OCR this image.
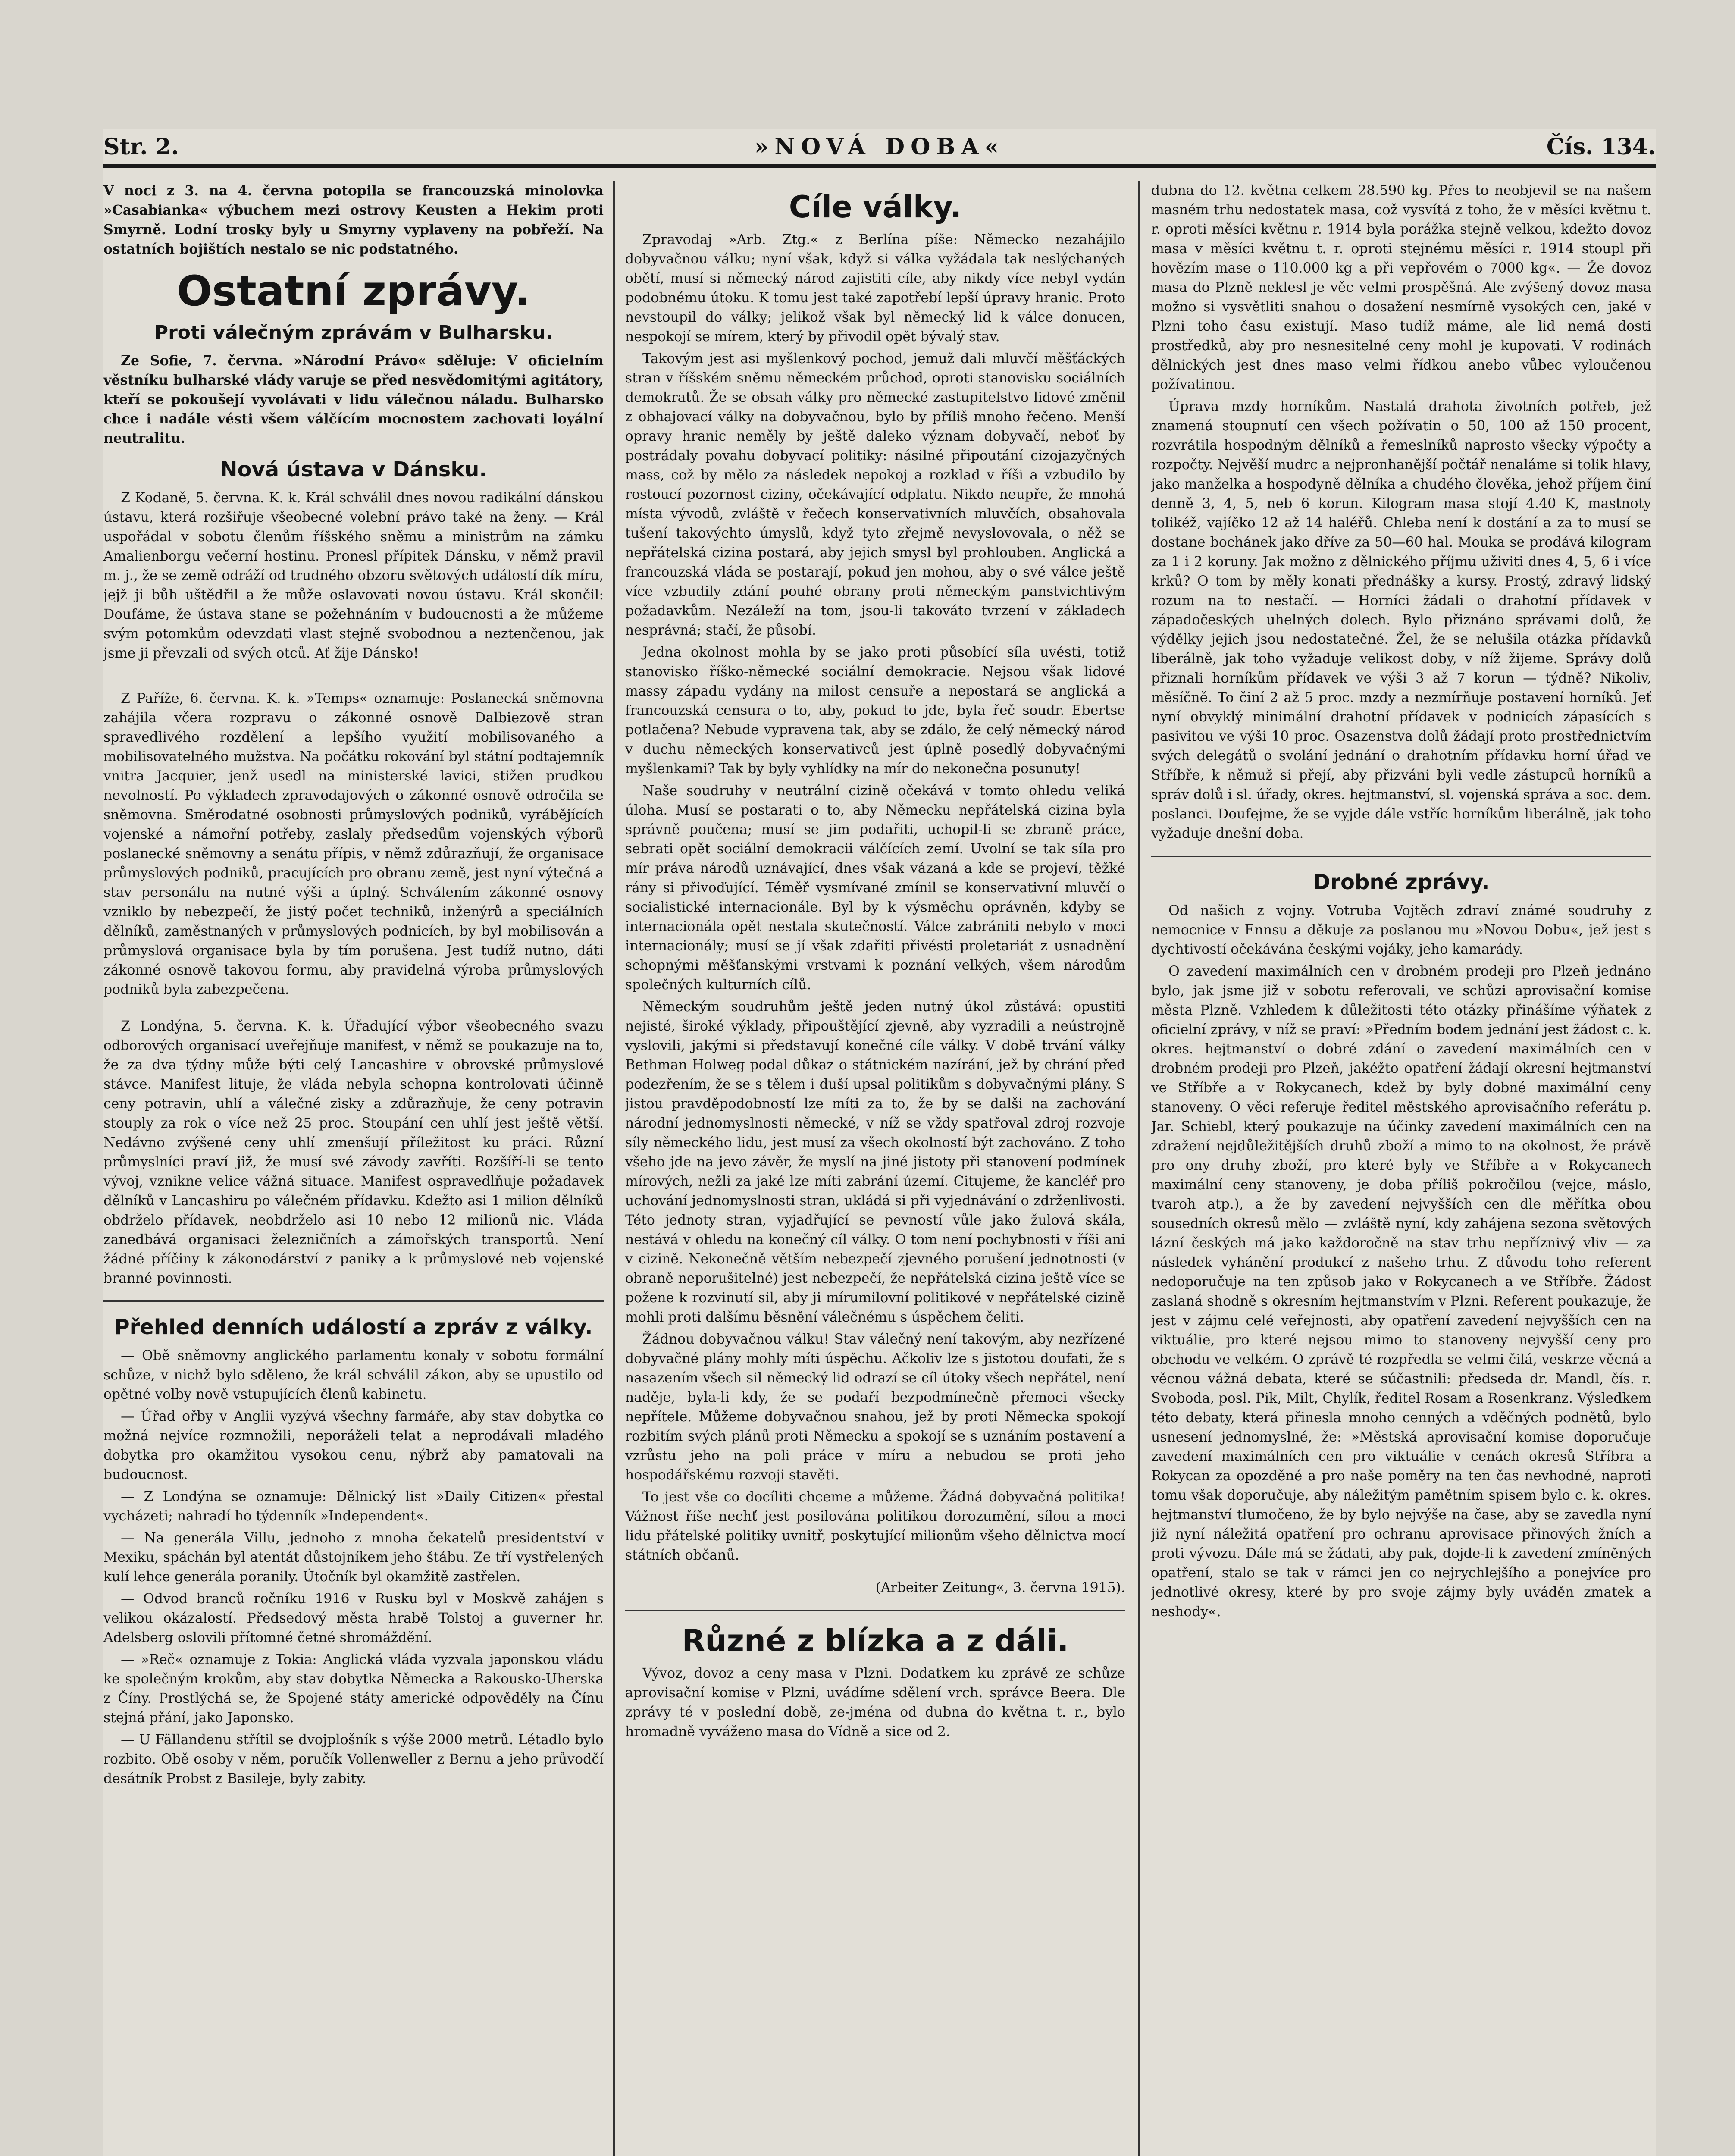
Str. 2.	»NOVÁ DOBA«	Čís. 134.

V noci z 3. na 4. června potopila se francouzská minolovka »Casabianka« výbuchem mezi ostrovy Keusten a Hekim proti Smyrně. Lodní trosky byly u Smyrny vyplaveny na pobřeží. Na ostatních bojištích nestalo se nic podstatného.

Ostatní zprávy.
Proti válečným zprávám v Bulharsku.

Ze Sofie, 7. června. »Národní Právo« sděluje: V oficielním věstníku bulharské vlády varuje se před nesvědomitými agitátory, kteří se pokoušejí vyvolávati v lidu válečnou náladu. Bulharsko chce i nadále vésti všem válčícím mocnostem zachovati loyální neutralitu.

Nová ústava v Dánsku.

Z Kodaně, 5. června. K. k. Král schválil dnes novou radikální dánskou ústavu, která rozšiřuje všeobecné volební právo také na ženy. — Král uspořádal v sobotu členům říšského sněmu a ministrům na zámku Amalienborgu večerní hostinu. Pronesl přípitek Dánsku, v němž pravil m. j., že se země odráží od trudného obzoru světových událostí dík míru, jejž ji bůh uštědřil a že může oslavovati novou ústavu. Král skončil: Doufáme, že ústava stane se požehnáním v budoucnosti a že můžeme svým potomkům odevzdati vlast stejně svobodnou a neztenčenou, jak jsme ji převzali od svých otců. Ať žije Dánsko!

Z Paříže, 6. června. K. k. »Temps« oznamuje: Poslanecká sněmovna zahájila včera rozpravu o zákonné osnově Dalbiezově stran spravedlivého rozdělení a lepšího využití mobilisovaného a mobilisovatelného mužstva. Na počátku rokování byl státní podtajemník vnitra Jacquier, jenž usedl na ministerské lavici, stižen prudkou nevolností. Po výkladech zpravodajových o zákonné osnově odročila se sněmovna. Směrodatné osobnosti průmyslových podniků, vyrábějících vojenské a námořní potřeby, zaslaly předsedům vojenských výborů poslanecké sněmovny a senátu přípis, v němž zdůrazňují, že organisace průmyslových podniků, pracujících pro obranu země, jest nyní výtečná a stav personálu na nutné výši a úplný. Schválením zákonné osnovy vzniklo by nebezpečí, že jistý počet techniků, inženýrů a speciálních dělníků, zaměstnaných v průmyslových podnicích, by byl mobilisován a průmyslová organisace byla by tím porušena. Jest tudíž nutno, dáti zákonné osnově takovou formu, aby pravidelná výroba průmyslových podniků byla zabezpečena.

Z Londýna, 5. června. K. k. Úřadující výbor všeobecného svazu odborových organisací uveřejňuje manifest, v němž se poukazuje na to, že za dva týdny může býti celý Lancashire v obrovské průmyslové stávce. Manifest lituje, že vláda nebyla schopna kontrolovati účinně ceny potravin, uhlí a válečné zisky a zdůrazňuje, že ceny potravin stouply za rok o více než 25 proc. Stoupání cen uhlí jest ještě větší. Nedávno zvýšené ceny uhlí zmenšují příležitost ku práci. Různí průmyslníci praví již, že musí své závody zavříti. Rozšíří-li se tento vývoj, vznikne velice vážná situace. Manifest ospravedlňuje požadavek dělníků v Lancashiru po válečném přídavku. Kdežto asi 1 milion dělníků obdrželo přídavek, neobdrželo asi 10 nebo 12 milionů nic. Vláda zanedbává organisaci železničních a zámořských transportů. Není žádné příčiny k zákonodárství z paniky a k průmyslové neb vojenské branné povinnosti.

Přehled denních událostí a zpráv z války.

— Obě sněmovny anglického parlamentu konaly v sobotu formální schůze, v nichž bylo sděleno, že král schválil zákon, aby se upustilo od opětné volby nově vstupujících členů kabinetu.

— Úřad ořby v Anglii vyzývá všechny farmáře, aby stav dobytka co možná nejvíce rozmnožili, neporáželi telat a neprodávali mladého dobytka pro okamžitou vysokou cenu, nýbrž aby pamatovali na budoucnost.

— Z Londýna se oznamuje: Dělnický list »Daily Citizen« přestal vycházeti; nahradí ho týdenník »Independent«.

— Na generála Villu, jednoho z mnoha čekatelů presidentství v Mexiku, spáchán byl atentát důstojníkem jeho štábu. Ze tří vystřelených kulí lehce generála poranily. Útočník byl okamžitě zastřelen.

— Odvod branců ročníku 1916 v Rusku byl v Moskvě zahájen s velikou okázalostí. Předsedový města hrabě Tolstoj a guverner hr. Adelsberg oslovili přítomné četné shromáždění.

— »Reč« oznamuje z Tokia: Anglická vláda vyzvala japonskou vládu ke společným krokům, aby stav dobytka Německa a Rakousko-Uherska z Číny. Prostlýchá se, že Spojené státy americké odpověděly na Čínu stejná přání, jako Japonsko.

— U Fällandenu střítil se dvojplošník s výše 2000 metrů. Létadlo bylo rozbito. Obě osoby v něm, poručík Vollenweller z Bernu a jeho průvodčí desátník Probst z Basileje, byly zabity.

Cíle války.

Zpravodaj »Arb. Ztg.« z Berlína píše: Německo nezahájilo dobyvačnou válku; nyní však, když si válka vyžádala tak neslýchaných obětí, musí si německý národ zajistiti cíle, aby nikdy více nebyl vydán podobnému útoku. K tomu jest také zapotřebí lepší úpravy hranic. Proto nevstoupil do války; jelikož však byl německý lid k válce donucen, nespokojí se mírem, který by přivodil opět bývalý stav.

Takovým jest asi myšlenkový pochod, jemuž dali mluvčí měšťáckých stran v říšském sněmu německém průchod, oproti stanovisku sociálních demokratů. Že se obsah války pro německé zastupitelstvo lidové změnil z obhajovací války na dobyvačnou, bylo by příliš mnoho řečeno. Menší opravy hranic neměly by ještě daleko význam dobyvačí, neboť by postrádaly povahu dobyvací politiky: násilné připoutání cizojazyčných mass, což by mělo za následek nepokoj a rozklad v říši a vzbudilo by rostoucí pozornost ciziny, očekávající odplatu. Nikdo neupře, že mnohá místa vývodů, zvláště v řečech konservativních mluvčích, obsahovala tušení takovýchto úmyslů, když tyto zřejmě nevyslovovala, o něž se nepřátelská cizina postará, aby jejich smysl byl prohlouben. Anglická a francouzská vláda se postarají, pokud jen mohou, aby o své válce ještě více vzbudily zdání pouhé obrany proti německým panstvichtivým požadavkům. Nezáleží na tom, jsou-li takováto tvrzení v základech nesprávná; stačí, že působí.

Jedna okolnost mohla by se jako proti působící síla uvésti, totiž stanovisko říško-německé sociální demokracie. Nejsou však lidové massy západu vydány na milost censuře a nepostará se anglická a francouzská censura o to, aby, pokud to jde, byla řeč soudr. Ebertse potlačena? Nebude vypravena tak, aby se zdálo, že celý německý národ v duchu německých konservativců jest úplně posedlý dobyvačnými myšlenkami? Tak by byly vyhlídky na mír do nekonečna posunuty!

Naše soudruhy v neutrální cizině očekává v tomto ohledu veliká úloha. Musí se postarati o to, aby Německu nepřátelská cizina byla správně poučena; musí se jim podařiti, uchopil-li se zbraně práce, sebrati opět sociální demokracii válčících zemí. Uvolní se tak síla pro mír práva národů uznávající, dnes však vázaná a kde se projeví, těžké rány si přivoďující. Téměř vysmívané zmínil se konservativní mluvčí o socialistické internacionále. Byl by k výsměchu oprávněn, kdyby se internacionála opět nestala skutečností. Válce zabrániti nebylo v moci internacionály; musí se jí však zdařiti přivésti proletariát z usnadnění schopnými měšťanskými vrstvami k poznání velkých, všem národům společných kulturních cílů.

Německým soudruhům ještě jeden nutný úkol zůstává: opustiti nejisté, široké výklady, připouštějící zjevně, aby vyzradili a neústrojně vyslovili, jakými si představují konečné cíle války. V době trvání války Bethman Holweg podal důkaz o státnickém nazírání, jež by chrání před podezřením, že se s tělem i duší upsal politikům s dobyvačnými plány. S jistou pravděpodobností lze míti za to, že by se dalši na zachování národní jednomyslnosti německé, v níž se vždy spatřoval zdroj rozvoje síly německého lidu, jest musí za všech okolností být zachováno. Z toho všeho jde na jevo závěr, že myslí na jiné jistoty při stanovení podmínek mírových, nežli za jaké lze míti zabrání území. Citujeme, že kancléř pro uchování jednomyslnosti stran, ukládá si při vyjednávání o zdrženlivosti. Této jednoty stran, vyjadřující se pevností vůle jako žulová skála, nestává v ohledu na konečný cíl války. O tom není pochybnosti v říši ani v cizině. Nekonečně větším nebezpečí zjevného porušení jednotnosti (v obraně neporušitelné) jest nebezpečí, že nepřátelská cizina ještě více se požene k rozvinutí sil, aby ji mírumilovní politikové v nepřátelské cizině mohli proti dalšímu běsnění válečnému s úspěchem čeliti.

Žádnou dobyvačnou válku! Stav válečný není takovým, aby nezřízené dobyvačné plány mohly míti úspěchu. Ačkoliv lze s jistotou doufati, že s nasazením všech sil německý lid odrazí se cíl útoky všech nepřátel, není naděje, byla-li kdy, že se podaří bezpodmínečně přemoci všecky nepřítele. Můžeme dobyvačnou snahou, jež by proti Německa spokojí rozbitím svých plánů proti Německu a spokojí se s uznáním postavení a vzrůstu jeho na poli práce v míru a nebudou se proti jeho hospodářskému rozvoji stavěti.

To jest vše co docíliti chceme a můžeme. Žádná dobyvačná politika! Vážnost říše nechť jest posilována politikou dorozumění, sílou a moci lidu přátelské politiky uvnitř, poskytující milionům všeho dělnictva mocí státních občanů.

(Arbeiter Zeitung«, 3. června 1915).

Různé z blízka a z dáli.

Vývoz, dovoz a ceny masa v Plzni. Dodatkem ku zprávě ze schůze aprovisační komise v Plzni, uvádíme sdělení vrch. správce Beera. Dle zprávy té v poslední době, ze-jména od dubna do května t. r., bylo hromadně vyváženo masa do Vídně a sice od 2.

dubna do 12. května celkem 28.590 kg. Přes to neobjevil se na našem masném trhu nedostatek masa, což vysvítá z toho, že v měsíci květnu t. r. oproti měsíci květnu r. 1914 byla porážka stejně velkou, kdežto dovoz masa v měsíci květnu t. r. oproti stejnému měsíci r. 1914 stoupl při hovězím mase o 110.000 kg a při vepřovém o 7000 kg«. — Že dovoz masa do Plzně neklesl je věc velmi prospěšná. Ale zvýšený dovoz masa možno si vysvětliti snahou o dosažení nesmírně vysokých cen, jaké v Plzni toho času existují. Maso tudíž máme, ale lid nemá dosti prostředků, aby pro nesnesitelné ceny mohl je kupovati. V rodinách dělnických jest dnes maso velmi řídkou anebo vůbec vyloučenou požívatinou.

Úprava mzdy horníkům. Nastalá drahota životních potřeb, jež znamená stoupnutí cen všech požívatin o 50, 100 až 150 procent, rozvrátila hospodným dělníků a řemeslníků naprosto všecky výpočty a rozpočty. Nejvěší mudrc a nejpronhanější počtář nenalámе si tolik hlavy, jako manželka a hospodyně dělníka a chudého člověka, jehož příjem činí denně 3, 4, 5, neb 6 korun. Kilogram masa stojí 4.40 K, mastnoty tolikéž, vajíčko 12 až 14 haléřů. Chleba není k dostání a za to musí se dostane bochánek jako dříve za 50—60 hal. Mouka se prodává kilogram za 1 i 2 koruny. Jak možno z dělnického příjmu uživiti dnes 4, 5, 6 i více krků? O tom by měly konati přednášky a kursy. Prostý, zdravý lidský rozum na to nestačí. — Horníci žádali o drahotní přídavek v západočeských uhelných dolech. Bylo přiznáno správami dolů, že výdělky jejich jsou nedostatečné. Žel, že se nelušila otázka přídavků liberálně, jak toho vyžaduje velikost doby, v níž žijeme. Správy dolů přiznali horníkům přídavek ve výši 3 až 7 korun — týdně? Nikoliv, měsíčně. To činí 2 až 5 proc. mzdy a nezmírňuje postavení horníků. Jeť nyní obvyklý minimální drahotní přídavek v podnicích zápasících s pasivitou ve výši 10 proc. Osazenstva dolů žádají proto prostřednictvím svých delegátů o svolání jednání o drahotním přídavku horní úřad ve Stříbře, k němuž si přejí, aby přizváni byli vedle zástupců horníků a správ dolů i sl. úřady, okres. hejtmanství, sl. vojenská správa a soc. dem. poslanci. Doufejme, že se vyjde dále vstříc horníkům liberálně, jak toho vyžaduje dnešní doba.

Drobné zprávy.

Od našich z vojny. Votruba Vojtěch zdraví známé soudruhy z nemocnice v Ennsu a děkuje za poslanou mu »Novou Dobu«, jež jest s dychtivostí očekávána českými vojáky, jeho kamarády.

O zavedení maximálních cen v drobném prodeji pro Plzeň jednáno bylo, jak jsme již v sobotu referovali, ve schůzi aprovisační komise města Plzně. Vzhledem k důležitosti této otázky přinášíme výňatek z oficielní zprávy, v níž se praví: »Předním bodem jednání jest žádost c. k. okres. hejtmanství o dobré zdání o zavedení maximálních cen v drobném prodeji pro Plzeň, jakéžto opatření žádají okresní hejtmanství ve Stříbře a v Rokycanech, kdež by byly dobné maximální ceny stanoveny. O věci referuje ředitel městského aprovisačního referátu p. Jar. Schiebl, který poukazuje na účinky zavedení maximálních cen na zdražení nejdůležitějších druhů zboží a mimo to na okolnost, že právě pro ony druhy zboží, pro které byly ve Stříbře a v Rokycanech maximální ceny stanoveny, je doba příliš pokročilou (vejce, máslo, tvaroh atp.), a že by zavedení nejvyšších cen dle měřítka obou sousedních okresů mělo — zvláště nyní, kdy zahájena sezona světových lázní českých má jako každoročně na stav trhu nepříznivý vliv — za následek vyhánění produkcí z našeho trhu. Z důvodu toho referent nedoporučuje na ten způsob jako v Rokycanech a ve Stříbře. Žádost zaslaná shodně s okresním hejtmanstvím v Plzni. Referent poukazuje, že jest v zájmu celé veřejnosti, aby opatření zavedení nejvyšších cen na viktuálie, pro které nejsou mimo to stanoveny nejvyšší ceny pro obchodu ve velkém. O zprávě té rozpředla se velmi čilá, veskrze věcná a věcnou vážná debata, které se súčastnili: předseda dr. Mandl, čís. r. Svoboda, posl. Pik, Milt, Chylík, ředitel Rosam a Rosenkranz. Výsledkem této debaty, která přinesla mnoho cenných a vděčných podnětů, bylo usnesení jednomyslné, že: »Městská aprovisační komise doporučuje zavedení maximálních cen pro viktuálie v cenách okresů Stříbra a Rokycan za opozděné a pro naše poměry na ten čas nevhodné, naproti tomu však doporučuje, aby náležitým pamětním spisem bylo c. k. okres. hejtmanství tlumočeno, že by bylo nejvýše na čase, aby se zavedla nyní již nyní náležitá opatření pro ochranu aprovisace přinových žních a proti vývozu. Dále má se žádati, aby pak, dojde-li k zavedení zmíněných opatření, stalo se tak v rámci jen co nejrychlejšího a ponejvíce pro jednotlivé okresy, které by pro svoje zájmy byly uváděn zmatek a neshody«.
